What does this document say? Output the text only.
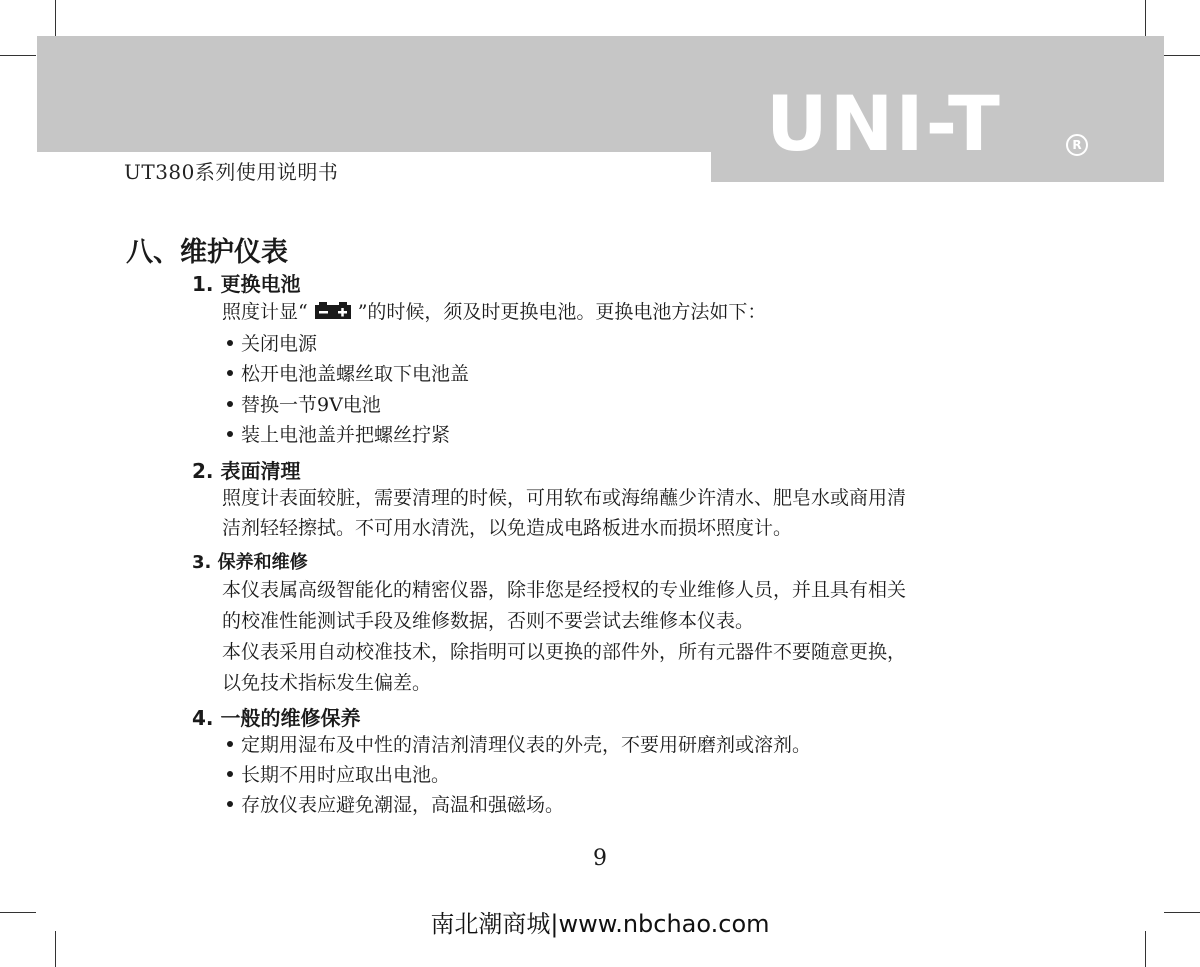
UT380系列使用说明书
UNI-T	R
八、维护仪表
1. 更换电池
照度计显“	”的时候，须及时更换电池。更换电池方法如下：
关闭电源
松开电池盖螺丝取下电池盖
替换一节9V电池
装上电池盖并把螺丝拧紧
2. 表面清理
照度计表面较脏，需要清理的时候，可用软布或海绵蘸少许清水、肥皂水或商用清
洁剂轻轻擦拭。不可用水清洗，以免造成电路板进水而损坏照度计。
3. 保养和维修
本仪表属高级智能化的精密仪器，除非您是经授权的专业维修人员，并且具有相关
的校准性能测试手段及维修数据，否则不要尝试去维修本仪表。
本仪表采用自动校准技术，除指明可以更换的部件外，所有元器件不要随意更换，
以免技术指标发生偏差。
4. 一般的维修保养
定期用湿布及中性的清洁剂清理仪表的外壳，不要用研磨剂或溶剂。
长期不用时应取出电池。
存放仪表应避免潮湿，高温和强磁场。
9
南北潮商城|www.nbchao.com
